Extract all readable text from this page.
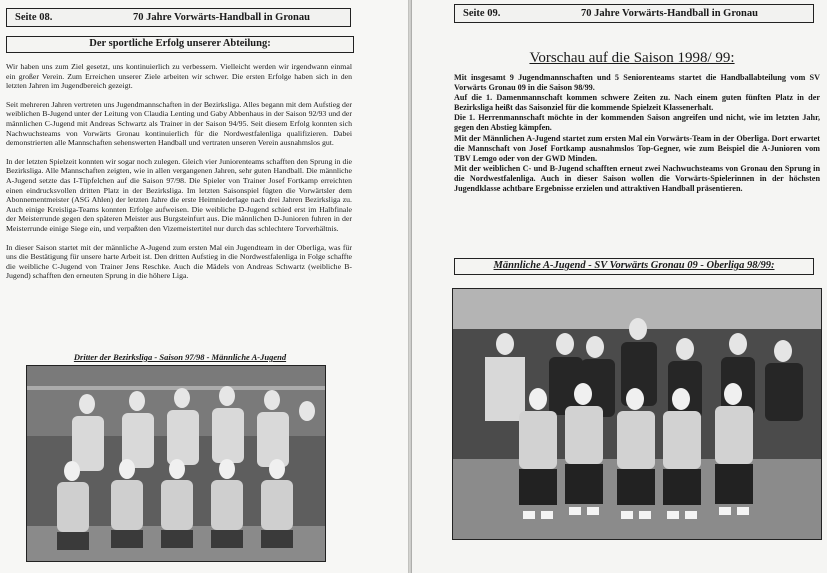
Seite 08.	70 Jahre Vorwärts-Handball in Gronau
Der sportliche Erfolg unserer Abteilung:

Wir haben uns zum Ziel gesetzt, uns kontinuierlich zu verbessern. Vielleicht werden wir irgendwann einmal ein großer Verein. Zum Erreichen unserer Ziele arbeiten wir schwer. Die ersten Erfolge haben sich in den letzten Jahren im Jugendbereich gezeigt.

Seit mehreren Jahren vertreten uns Jugendmannschaften in der Bezirksliga. Alles begann mit dem Aufstieg der weiblichen B-Jugend unter der Leitung von Claudia Lenting und Gaby Abbenhaus in der Saison 92/93 und der männlichen C-Jugend mit Andreas Schwartz als Trainer in der Saison 94/95. Seit diesem Erfolg konnten sich Nachwuchsteams von Vorwärts Gronau kontinuierlich für die Nordwestfalenliga qualifizieren. Dabei demonstrierten alle Mannschaften sehenswerten Handball und vertraten unseren Verein ausnahmslos gut.

In der letzten Spielzeit konnten wir sogar noch zulegen. Gleich vier Juniorenteams schafften den Sprung in die Bezirksliga. Alle Mannschaften zeigten, wie in allen vergangenen Jahren, sehr guten Handball. Die männliche A-Jugend setzte das I-Tüpfelchen auf die Saison 97/98. Die Spieler von Trainer Josef Fortkamp erreichten einen eindrucksvollen dritten Platz in der Bezirksliga. Im letzten Saisonspiel fügten die Vorwärtsler dem Abonnementmeister (ASG Ahlen) der letzten Jahre die erste Heimniederlage nach drei Jahren Bezirksliga zu. Auch einige Kreisliga-Teams konnten Erfolge aufweisen. Die weibliche D-Jugend schied erst im Halbfinale der Meisterrunde gegen den späteren Meister aus Burgsteinfurt aus. Die männlichen D-Junioren fuhren in der Meisterrunde einige Siege ein, und verpaßten den Vizemeistertitel nur durch das schlechtere Torverhältnis.

In dieser Saison startet mit der männliche A-Jugend zum ersten Mal ein Jugendteam in der Oberliga, was für uns die Bestätigung für unsere harte Arbeit ist. Den dritten Aufstieg in die Nordwestfalenliga in Folge schaffte die weibliche C-Jugend von Trainer Jens Reschke. Auch die Mädels von Andreas Schwartz (weibliche B-Jugend) schafften den erneuten Sprung in die höhere Liga.

Dritter der Bezirksliga - Saison 97/98 - Männliche A-Jugend
Seite 09.	70 Jahre Vorwärts-Handball in Gronau
Vorschau auf die Saison 1998/ 99:

Mit insgesamt 9 Jugendmannschaften und 5 Seniorenteams startet die Handballabteilung vom SV Vorwärts Gronau 09 in die Saison 98/99.

Auf die 1. Damenmannschaft kommen schwere Zeiten zu. Nach einem guten fünften Platz in der Bezirksliga heißt das Saisonziel für die kommende Spielzeit Klassenerhalt.

Die 1. Herrenmannschaft möchte in der kommenden Saison angreifen und nicht, wie im letzten Jahr, gegen den Abstieg kämpfen.

Mit der Männlichen A-Jugend startet zum ersten Mal ein Vorwärts-Team in der Oberliga. Dort erwartet die Mannschaft von Josef Fortkamp ausnahmslos Top-Gegner, wie zum Beispiel die A-Junioren vom TBV Lemgo oder von der GWD Minden.

Mit der weiblichen C- und B-Jugend schafften erneut zwei Nachwuchsteams von Gronau den Sprung in die Nordwestfalenliga. Auch in dieser Saison wollen die Vorwärts-Spielerinnen in der höchsten Jugendklasse achtbare Ergebnisse erzielen und attraktiven Handball präsentieren.

Männliche A-Jugend - SV Vorwärts Gronau 09 - Oberliga 98/99:
